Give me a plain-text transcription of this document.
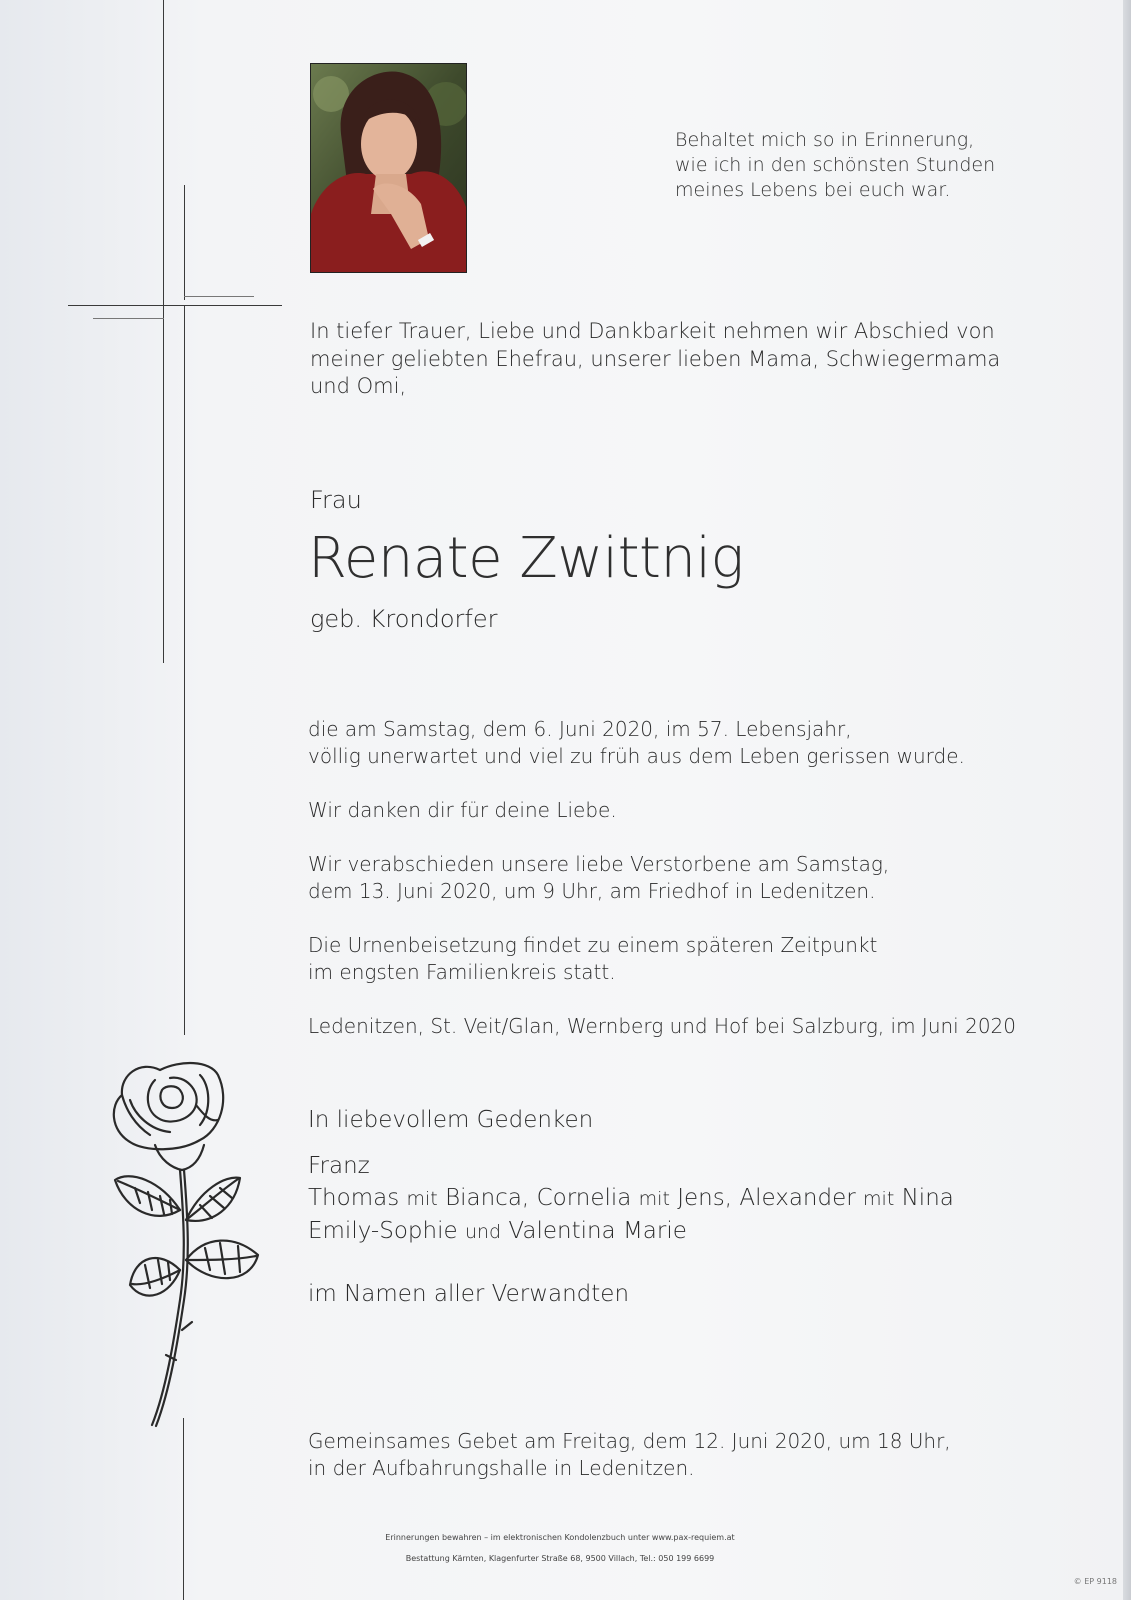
Behaltet mich so in Erinnerung,
wie ich in den schönsten Stunden
meines Lebens bei euch war.
In tiefer Trauer, Liebe und Dankbarkeit nehmen wir Abschied von
meiner geliebten Ehefrau, unserer lieben Mama, Schwiegermama
und Omi,
Frau
Renate Zwittnig
geb. Krondorfer
die am Samstag, dem 6. Juni 2020, im 57. Lebensjahr,
völlig unerwartet und viel zu früh aus dem Leben gerissen wurde.
Wir danken dir für deine Liebe.
Wir verabschieden unsere liebe Verstorbene am Samstag,
dem 13. Juni 2020, um 9 Uhr, am Friedhof in Ledenitzen.
Die Urnenbeisetzung findet zu einem späteren Zeitpunkt
im engsten Familienkreis statt.
Ledenitzen, St. Veit/Glan, Wernberg und Hof bei Salzburg, im Juni 2020
In liebevollem Gedenken
Franz
Thomas mit Bianca, Cornelia mit Jens, Alexander mit Nina
Emily-Sophie und Valentina Marie
im Namen aller Verwandten
Gemeinsames Gebet am Freitag, dem 12. Juni 2020, um 18 Uhr,
in der Aufbahrungshalle in Ledenitzen.
Erinnerungen bewahren – im elektronischen Kondolenzbuch unter www.pax-requiem.at
Bestattung Kärnten, Klagenfurter Straße 68, 9500 Villach, Tel.: 050 199 6699
© EP 9118
